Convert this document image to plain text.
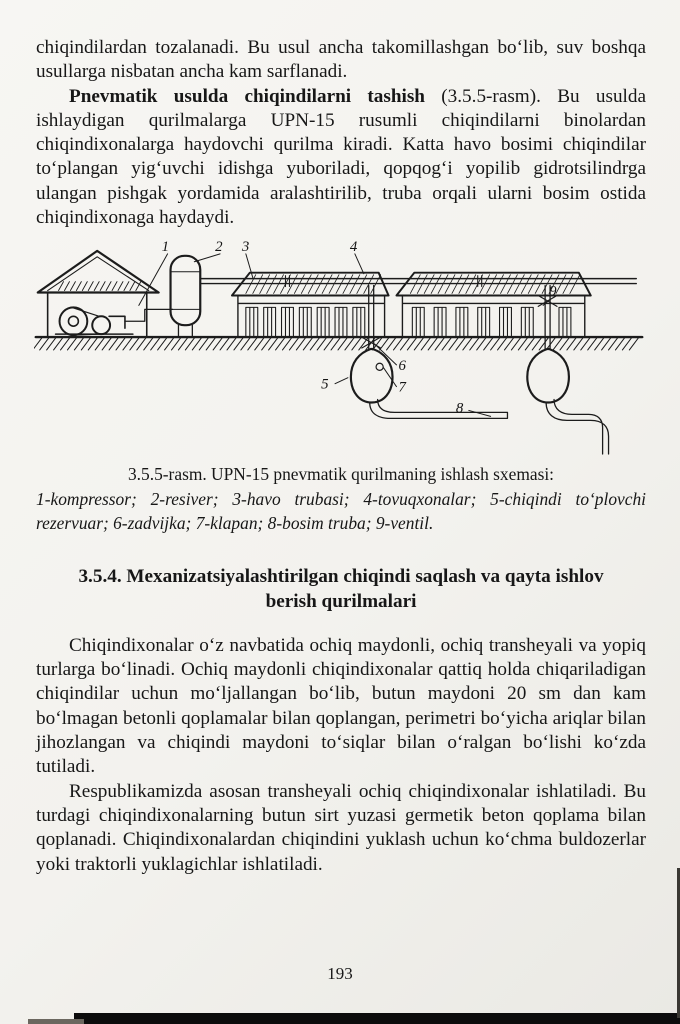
chiqindilardan tozalanadi. Bu usul ancha takomillashgan bo‘lib, suv boshqa usullarga nisbatan ancha kam sarflanadi.

Pnevmatik usulda chiqindilarni tashish (3.5.5-rasm). Bu usulda ishlaydigan qurilmalarga UPN-15 rusumli chiqindilarni binolardan chiqindixonalarga haydovchi qurilma kiradi. Katta havo bosimi chiqindilar to‘plangan yig‘uvchi idishga yuboriladi, qopqog‘i yopilib gidrotsilindrga ulangan pishgak yordamida aralashtirilib, truba orqali ularni bosim ostida chiqindixonaga haydaydi.

1	2 3	4
9
5
6
7
8
3.5.5-rasm. UPN-15 pnevmatik qurilmaning ishlash sxemasi:
1-kompressor; 2-resiver; 3-havo trubasi; 4-tovuqxonalar; 5-chiqindi to‘plovchi rezervuar; 6-zadvijka; 7-klapan; 8-bosim truba; 9-ventil.
3.5.4. Mexanizatsiyalashtirilgan chiqindi saqlash va qayta ishlov berish qurilmalari

Chiqindixonalar o‘z navbatida ochiq maydonli, ochiq transheyali va yopiq turlarga bo‘linadi. Ochiq maydonli chiqindixonalar qattiq holda chiqariladigan chiqindilar uchun mo‘ljallangan bo‘lib, butun maydoni 20 sm dan kam bo‘lmagan betonli qoplamalar bilan qoplangan, perimetri bo‘yicha ariqlar bilan jihozlangan va chiqindi maydoni to‘siqlar bilan o‘ralgan bo‘lishi ko‘zda tutiladi.

Respublikamizda asosan transheyali ochiq chiqindixonalar ishlatiladi. Bu turdagi chiqindixonalarning butun sirt yuzasi germetik beton qoplama bilan qoplanadi. Chiqindixonalardan chiqindini yuklash uchun ko‘chma buldozerlar yoki traktorli yuklagichlar ishlatiladi.

193
